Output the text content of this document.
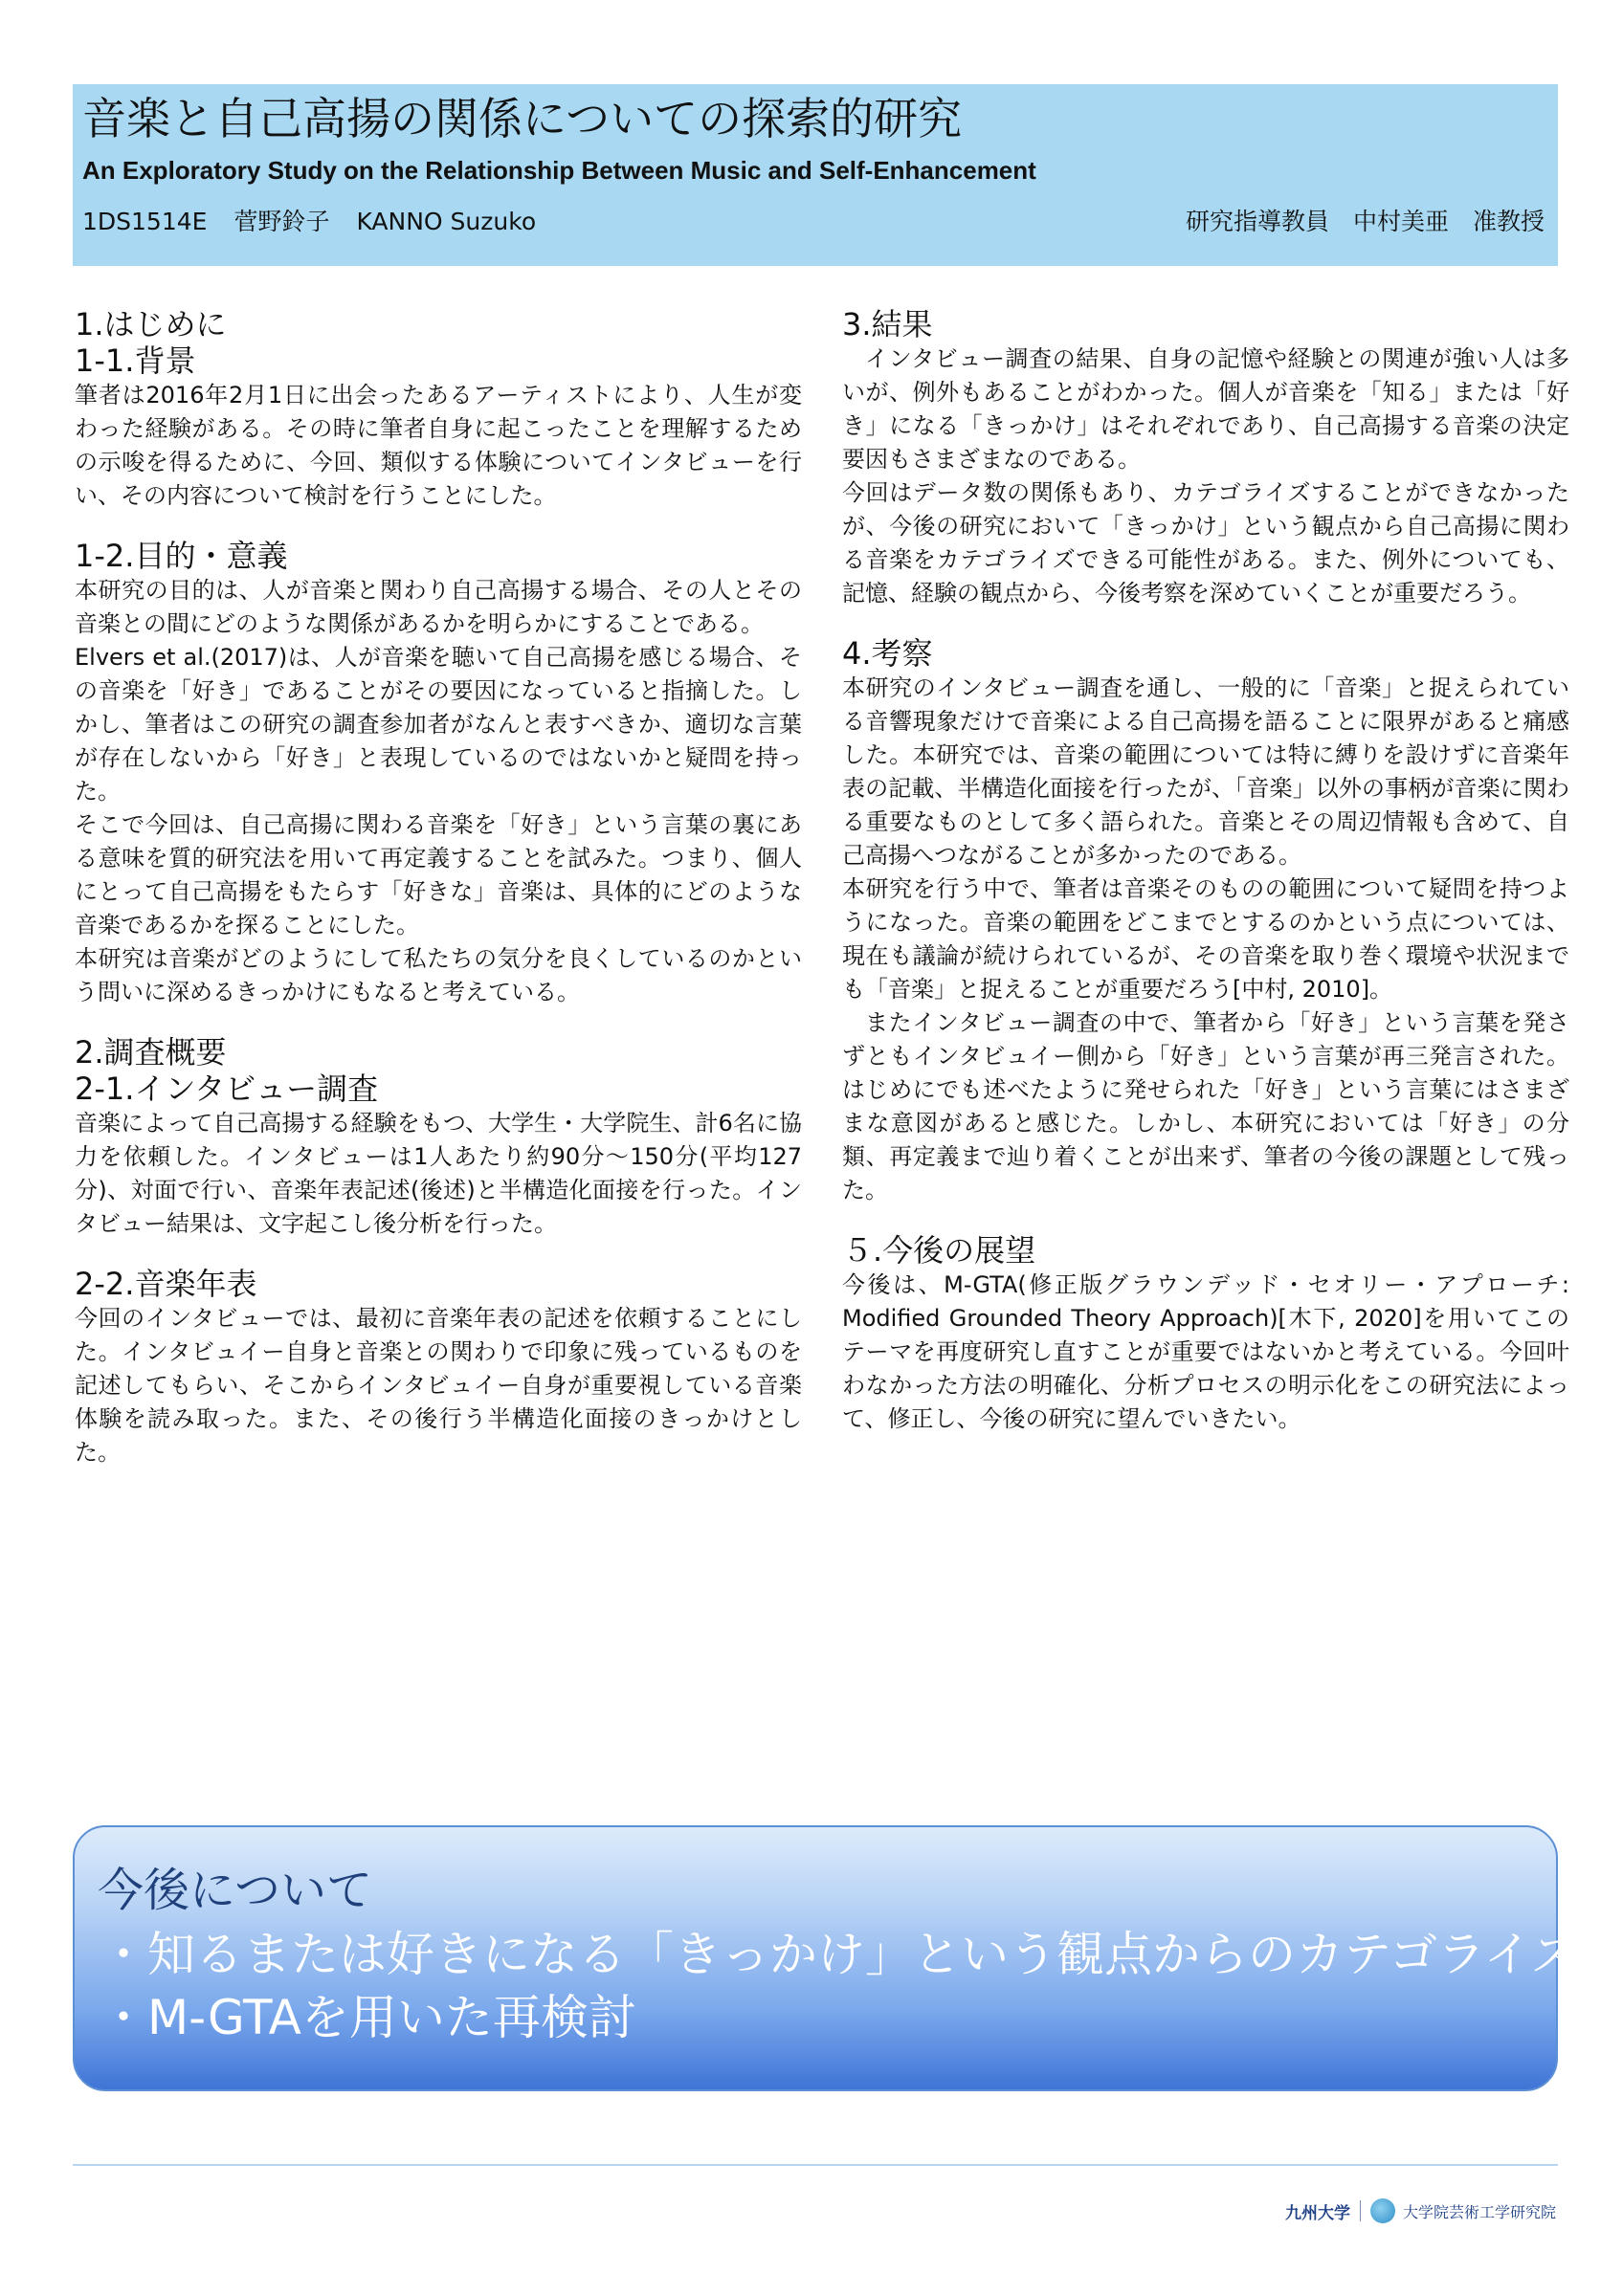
音楽と自己高揚の関係についての探索的研究
An Exploratory Study on the Relationship Between Music and Self-Enhancement
1DS1514E 菅野鈴子 KANNO Suzuko	研究指導教員　中村美亜　准教授
1.はじめに
1-1.背景

筆者は2016年2月1日に出会ったあるアーティストにより、人生が変わった経験がある。その時に筆者自身に起こったことを理解するための示唆を得るために、今回、類似する体験についてインタビューを行い、その内容について検討を行うことにした。

1-2.目的・意義

本研究の目的は、人が音楽と関わり自己高揚する場合、その人とその音楽との間にどのような関係があるかを明らかにすることである。

Elvers et al.(2017)は、人が音楽を聴いて自己高揚を感じる場合、その音楽を「好き」であることがその要因になっていると指摘した。しかし、筆者はこの研究の調査参加者がなんと表すべきか、適切な言葉が存在しないから「好き」と表現しているのではないかと疑問を持った。

そこで今回は、自己高揚に関わる音楽を「好き」という言葉の裏にある意味を質的研究法を用いて再定義することを試みた。つまり、個人にとって自己高揚をもたらす「好きな」音楽は、具体的にどのような音楽であるかを探ることにした。

本研究は音楽がどのようにして私たちの気分を良くしているのかという問いに深めるきっかけにもなると考えている。

2.調査概要
2-1.インタビュー調査

音楽によって自己高揚する経験をもつ、大学生・大学院生、計6名に協力を依頼した。インタビューは1人あたり約90分～150分(平均127分)、対面で行い、音楽年表記述(後述)と半構造化面接を行った。インタビュー結果は、文字起こし後分析を行った。

2-2.音楽年表

今回のインタビューでは、最初に音楽年表の記述を依頼することにした。インタビュイー自身と音楽との関わりで印象に残っているものを記述してもらい、そこからインタビュイー自身が重要視している音楽体験を読み取った。また、その後行う半構造化面接のきっかけとした。

3.結果

インタビュー調査の結果、自身の記憶や経験との関連が強い人は多いが、例外もあることがわかった。個人が音楽を「知る」または「好き」になる「きっかけ」はそれぞれであり、自己高揚する音楽の決定要因もさまざまなのである。

今回はデータ数の関係もあり、カテゴライズすることができなかったが、今後の研究において「きっかけ」という観点から自己高揚に関わる音楽をカテゴライズできる可能性がある。また、例外についても、記憶、経験の観点から、今後考察を深めていくことが重要だろう。

4.考察

本研究のインタビュー調査を通し、一般的に「音楽」と捉えられている音響現象だけで音楽による自己高揚を語ることに限界があると痛感した。本研究では、音楽の範囲については特に縛りを設けずに音楽年表の記載、半構造化面接を行ったが、「音楽」以外の事柄が音楽に関わる重要なものとして多く語られた。音楽とその周辺情報も含めて、自己高揚へつながることが多かったのである。

本研究を行う中で、筆者は音楽そのものの範囲について疑問を持つようになった。音楽の範囲をどこまでとするのかという点については、現在も議論が続けられているが、その音楽を取り巻く環境や状況までも「音楽」と捉えることが重要だろう[中村, 2010]。

またインタビュー調査の中で、筆者から「好き」という言葉を発さずともインタビュイー側から「好き」という言葉が再三発言された。はじめにでも述べたように発せられた「好き」という言葉にはさまざまな意図があると感じた。しかし、本研究においては「好き」の分類、再定義まで辿り着くことが出来ず、筆者の今後の課題として残った。

５.今後の展望

今後は、M-GTA(修正版グラウンデッド・セオリー・アプローチ: Modified Grounded Theory Approach)[木下, 2020]を用いてこのテーマを再度研究し直すことが重要ではないかと考えている。今回叶わなかった方法の明確化、分析プロセスの明示化をこの研究法によって、修正し、今後の研究に望んでいきたい。

今後について
・知るまたは好きになる「きっかけ」という観点からのカテゴライズ
・M-GTAを用いた再検討
九州大学	大学院芸術工学研究院
